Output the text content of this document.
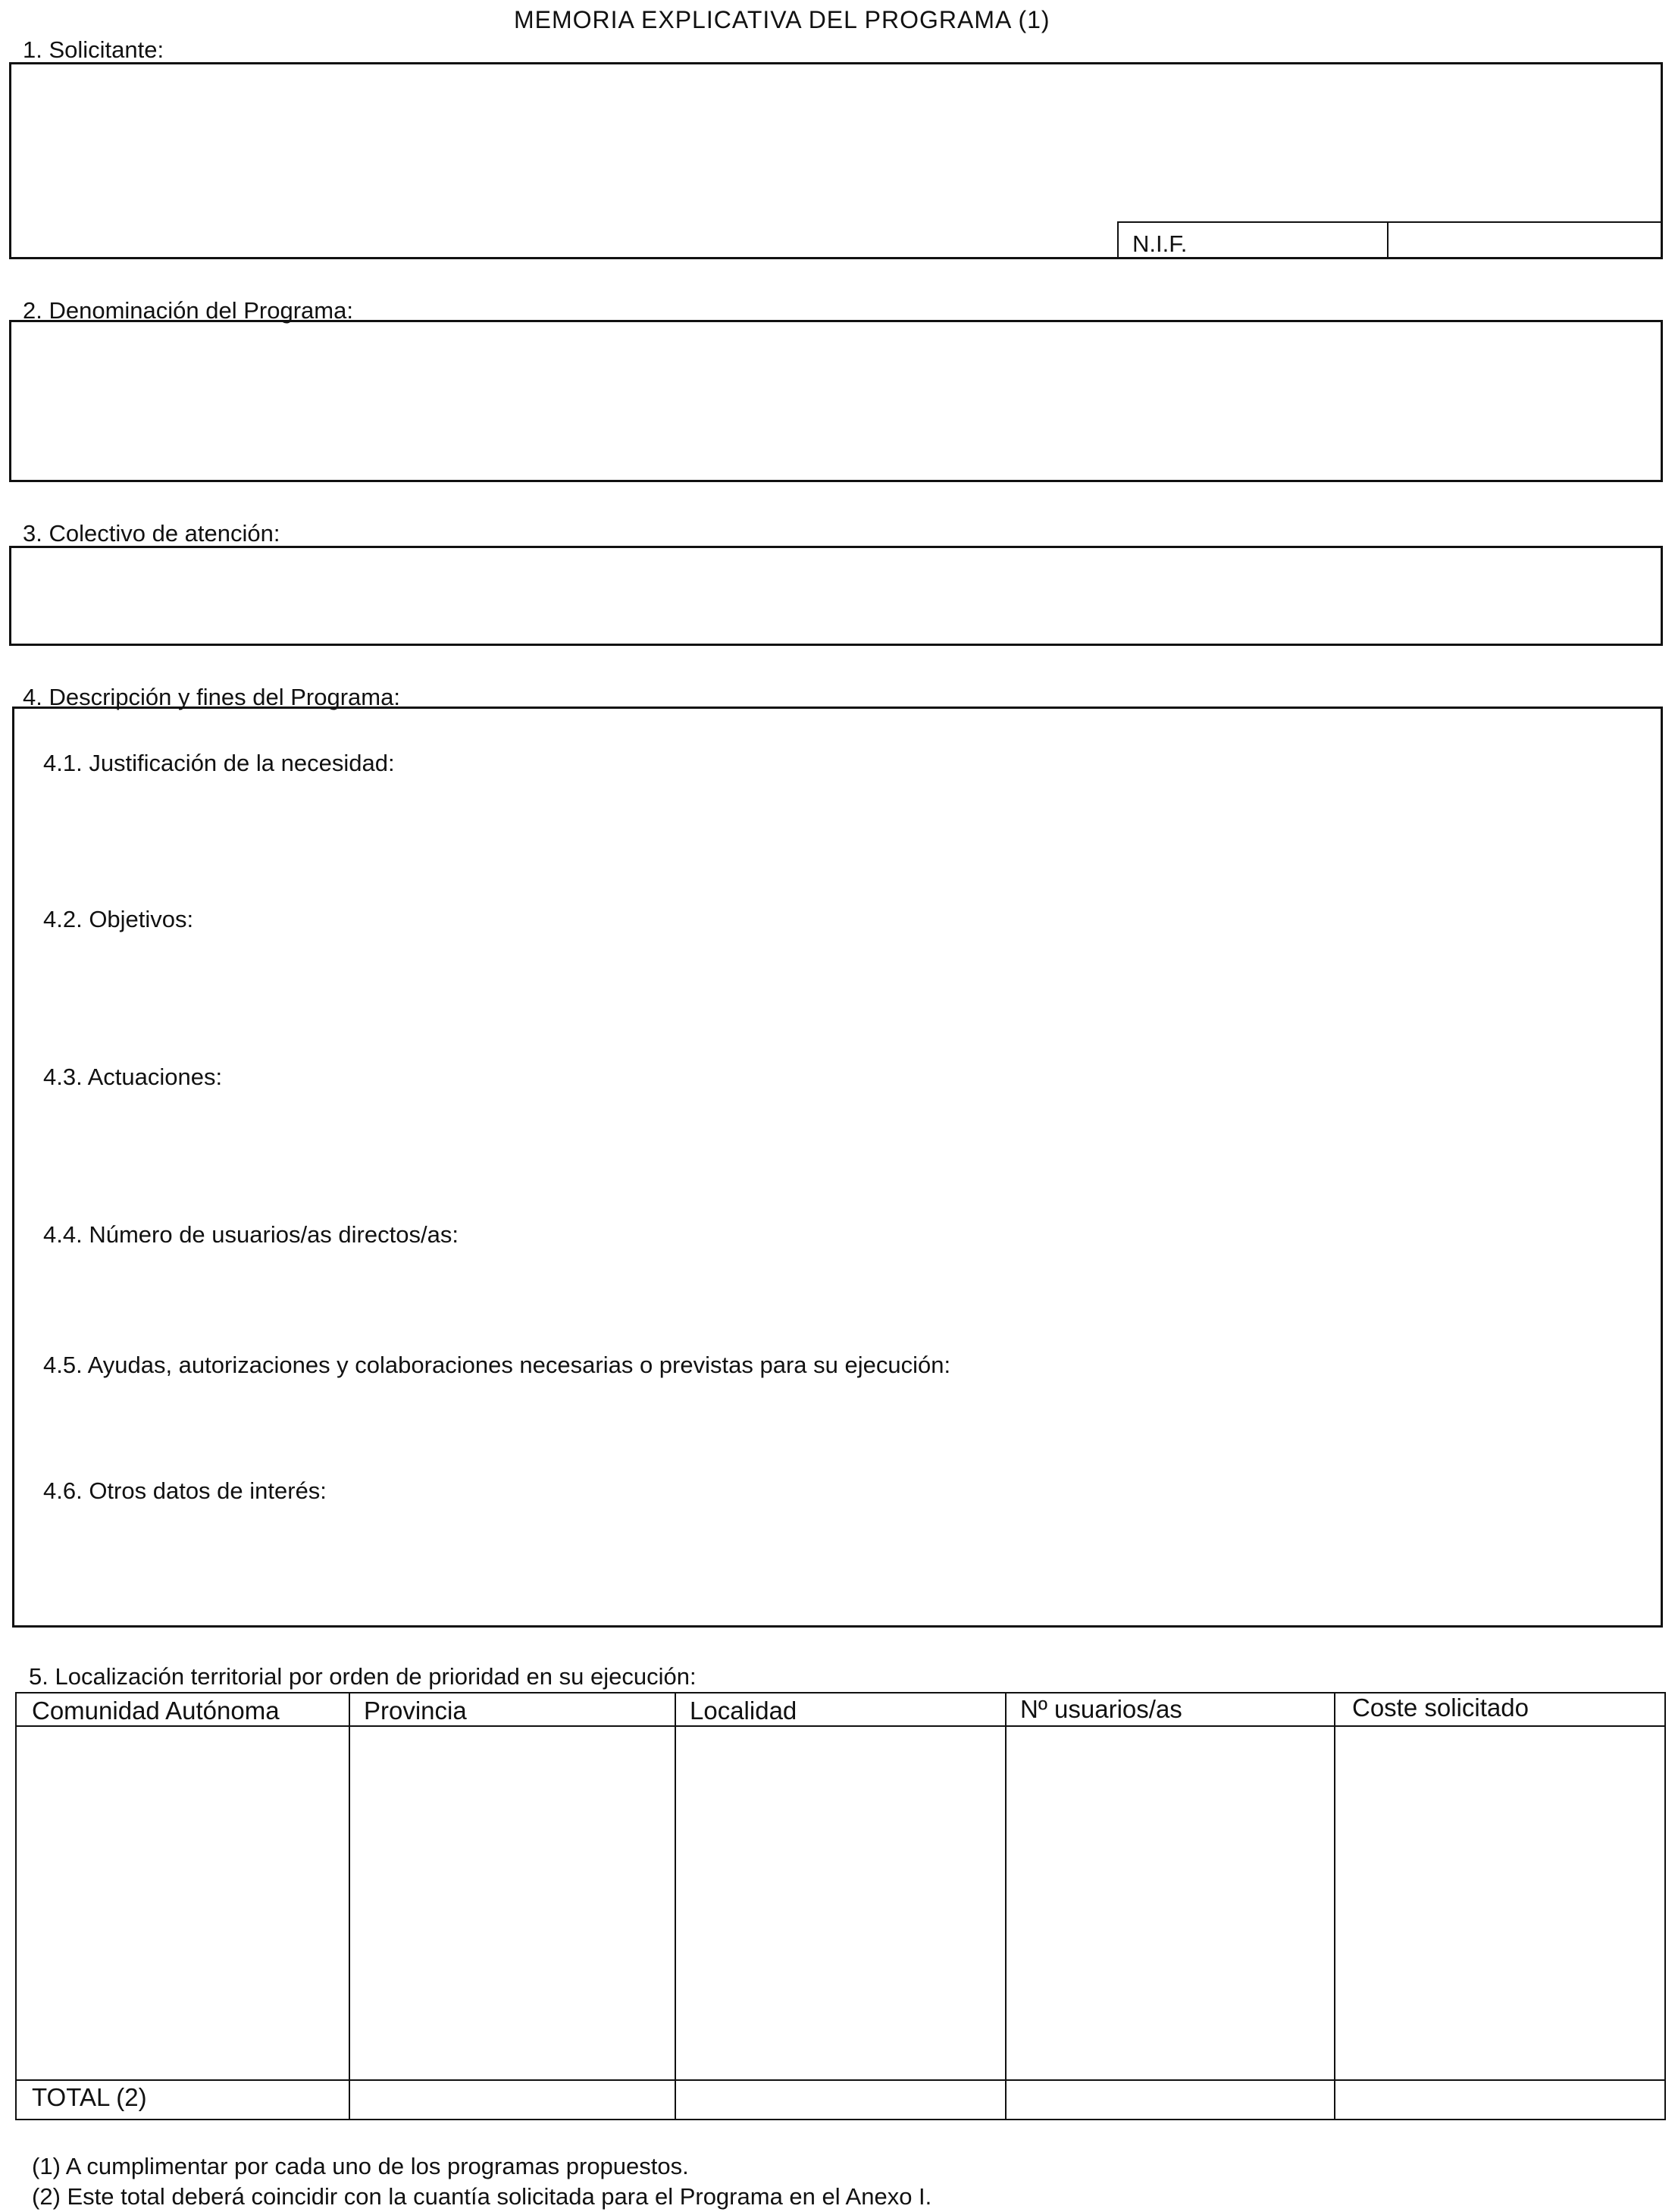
MEMORIA EXPLICATIVA DEL PROGRAMA (1)
1. Solicitante:
N.I.F.
2. Denominación del Programa:
3. Colectivo de atención:
4. Descripción y fines del Programa:
4.1. Justificación de la necesidad:
4.2. Objetivos:
4.3. Actuaciones:
4.4. Número de usuarios/as directos/as:
4.5. Ayudas, autorizaciones y colaboraciones necesarias o previstas para su ejecución:
4.6. Otros datos de interés:
5. Localización territorial por orden de prioridad en su ejecución:
Comunidad Autónoma	Provincia	Localidad	Nº usuarios/as	Coste solicitado
TOTAL (2)
(1) A cumplimentar por cada uno de los programas propuestos.
(2) Este total deberá coincidir con la cuantía solicitada para el Programa en el Anexo I.
